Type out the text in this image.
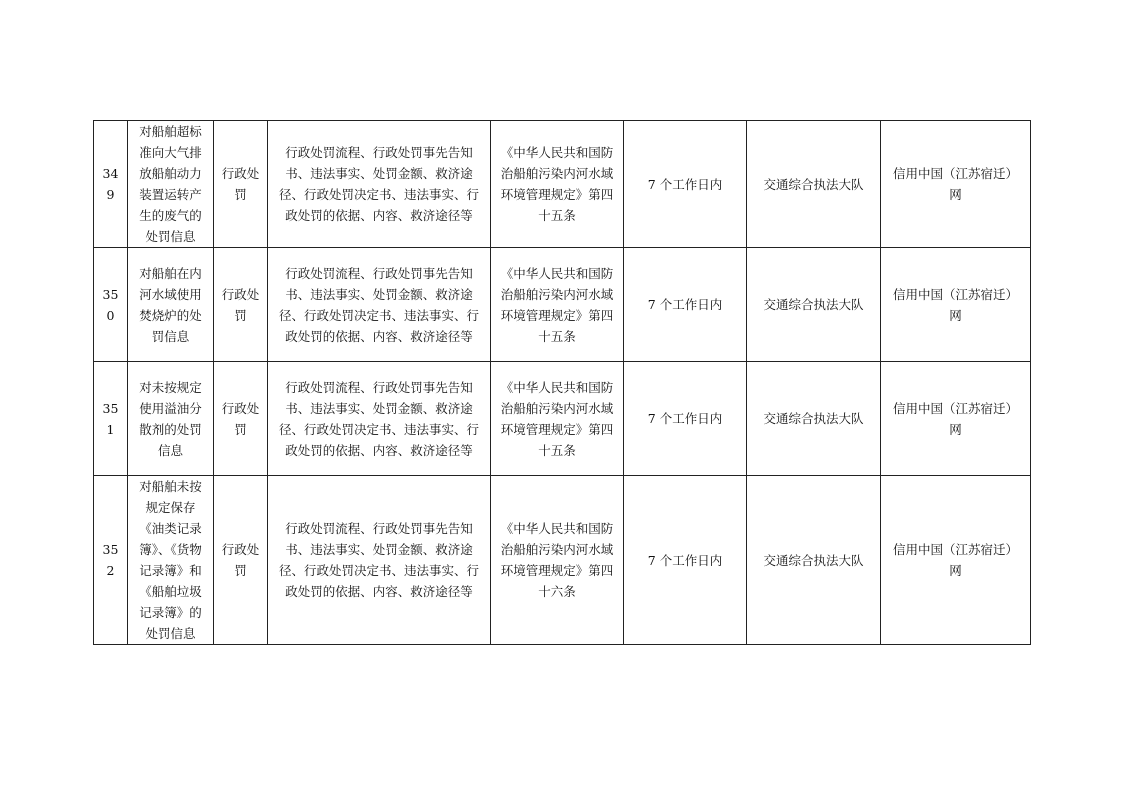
349	对船舶超标准向大气排放船舶动力装置运转产生的废气的处罚信息	行政处罚	行政处罚流程、行政处罚事先告知书、违法事实、处罚金额、救济途径、行政处罚决定书、违法事实、行政处罚的依据、内容、救济途径等	《中华人民共和国防治船舶污染内河水域环境管理规定》第四十五条	7 个工作日内	交通综合执法大队	信用中国（江苏宿迁）网
350	对船舶在内河水域使用焚烧炉的处罚信息	行政处罚	行政处罚流程、行政处罚事先告知书、违法事实、处罚金额、救济途径、行政处罚决定书、违法事实、行政处罚的依据、内容、救济途径等	《中华人民共和国防治船舶污染内河水域环境管理规定》第四十五条	7 个工作日内	交通综合执法大队	信用中国（江苏宿迁）网
351	对未按规定使用溢油分散剂的处罚信息	行政处罚	行政处罚流程、行政处罚事先告知书、违法事实、处罚金额、救济途径、行政处罚决定书、违法事实、行政处罚的依据、内容、救济途径等	《中华人民共和国防治船舶污染内河水域环境管理规定》第四十五条	7 个工作日内	交通综合执法大队	信用中国（江苏宿迁）网
352	对船舶未按规定保存《油类记录簿》、《货物记录簿》和《船舶垃圾记录簿》的处罚信息	行政处罚	行政处罚流程、行政处罚事先告知书、违法事实、处罚金额、救济途径、行政处罚决定书、违法事实、行政处罚的依据、内容、救济途径等	《中华人民共和国防治船舶污染内河水域环境管理规定》第四十六条	7 个工作日内	交通综合执法大队	信用中国（江苏宿迁）网
